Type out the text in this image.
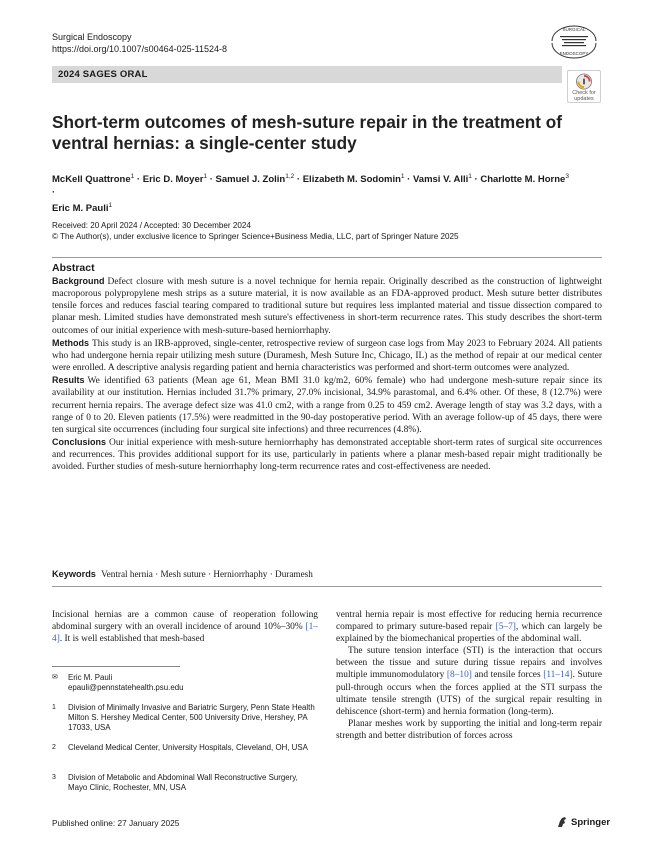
Surgical Endoscopy
https://doi.org/10.1007/s00464-025-11524-8
SURGICAL
ENDOSCOPY
2024 SAGES ORAL
Check for
updates
Short-term outcomes of mesh-suture repair in the treatment of ventral hernias: a single-center study
McKell Quattrone$^1$ · Eric D. Moyer$^1$ · Samuel J. Zolin$^{1,2}$ · Elizabeth M. Sodomin$^1$ · Vamsi V. Alli$^1$ · Charlotte M. Horne$^3$ ·
Eric M. Pauli$^1$
Received: 20 April 2024 / Accepted: 30 December 2024
© The Author(s), under exclusive licence to Springer Science+Business Media, LLC, part of Springer Nature 2025
Abstract

Background Defect closure with mesh suture is a novel technique for hernia repair. Originally described as the construction of lightweight macroporous polypropylene mesh strips as a suture material, it is now available as an FDA-approved product. Mesh suture better distributes tensile forces and reduces fascial tearing compared to traditional suture but requires less implanted material and tissue dissection compared to planar mesh. Limited studies have demonstrated mesh suture's effectiveness in short-term recurrence rates. This study describes the short-term outcomes of our initial experience with mesh-suture-based herniorrhaphy.

Methods This study is an IRB-approved, single-center, retrospective review of surgeon case logs from May 2023 to February 2024. All patients who had undergone hernia repair utilizing mesh suture (Duramesh, Mesh Suture Inc, Chicago, IL) as the method of repair at our medical center were enrolled. A descriptive analysis regarding patient and hernia characteristics was performed and short-term outcomes were analyzed.

Results We identified 63 patients (Mean age 61, Mean BMI 31.0 kg/m2, 60% female) who had undergone mesh-suture repair since its availability at our institution. Hernias included 31.7% primary, 27.0% incisional, 34.9% parastomal, and 6.4% other. Of these, 8 (12.7%) were recurrent hernia repairs. The average defect size was 41.0 cm2, with a range from 0.25 to 459 cm2. Average length of stay was 3.2 days, with a range of 0 to 20. Eleven patients (17.5%) were readmitted in the 90-day postoperative period. With an average follow-up of 45 days, there were ten surgical site occurrences (including four surgical site infections) and three recurrences (4.8%).

Conclusions Our initial experience with mesh-suture herniorrhaphy has demonstrated acceptable short-term rates of surgical site occurrences and recurrences. This provides additional support for its use, particularly in patients where a planar mesh-based repair might traditionally be avoided. Further studies of mesh-suture herniorrhaphy long-term recurrence rates and cost-effectiveness are needed.

Keywords Ventral hernia · Mesh suture · Herniorrhaphy · Duramesh
Incisional hernias are a common cause of reoperation following abdominal surgery with an overall incidence of around 10%–30% [1–4]. It is well established that mesh-based
✉ Eric M. Pauli
epauli@pennstatehealth.psu.edu
1 Division of Minimally Invasive and Bariatric Surgery, Penn State Health Milton S. Hershey Medical Center, 500 University Drive, Hershey, PA 17033, USA
2 Cleveland Medical Center, University Hospitals, Cleveland, OH, USA
3 Division of Metabolic and Abdominal Wall Reconstructive Surgery, Mayo Clinic, Rochester, MN, USA

ventral hernia repair is most effective for reducing hernia recurrence compared to primary suture-based repair [5–7], which can largely be explained by the biomechanical properties of the abdominal wall.

The suture tension interface (STI) is the interaction that occurs between the tissue and suture during tissue repairs and involves multiple immunomodulatory [8–10] and tensile forces [11–14]. Suture pull-through occurs when the forces applied at the STI surpass the ultimate tensile strength (UTS) of the surgical repair resulting in dehiscence (short-term) and hernia formation (long-term).

Planar meshes work by supporting the initial and long-term repair strength and better distribution of forces across

Published online: 27 January 2025	Springer
